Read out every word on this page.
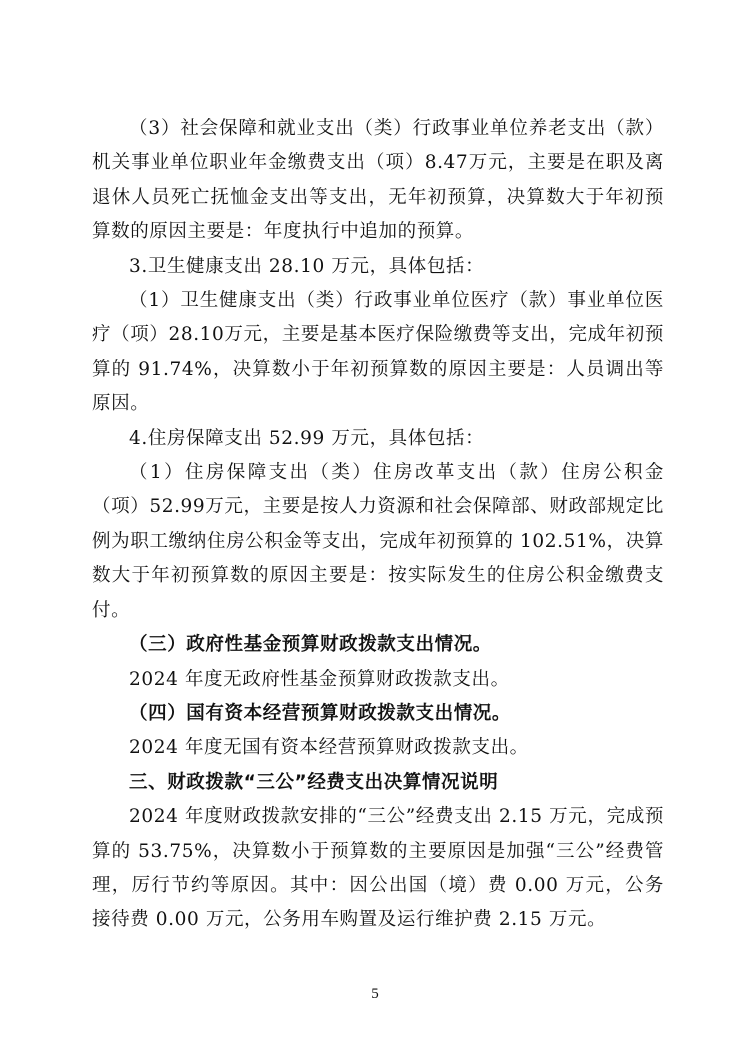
（3）社会保障和就业支出（类）行政事业单位养老支出（款）机关事业单位职业年金缴费支出（项）8.47万元，主要是在职及离退休人员死亡抚恤金支出等支出，无年初预算，决算数大于年初预算数的原因主要是：年度执行中追加的预算。

3.卫生健康支出 28.10 万元，具体包括：

（1）卫生健康支出（类）行政事业单位医疗（款）事业单位医疗（项）28.10万元，主要是基本医疗保险缴费等支出，完成年初预算的 91.74%，决算数小于年初预算数的原因主要是：人员调出等原因。

4.住房保障支出 52.99 万元，具体包括：

（1）住房保障支出（类）住房改革支出（款）住房公积金（项）52.99万元，主要是按人力资源和社会保障部、财政部规定比例为职工缴纳住房公积金等支出，完成年初预算的 102.51%，决算数大于年初预算数的原因主要是：按实际发生的住房公积金缴费支付。

（三）政府性基金预算财政拨款支出情况。

2024 年度无政府性基金预算财政拨款支出。

（四）国有资本经营预算财政拨款支出情况。

2024 年度无国有资本经营预算财政拨款支出。

三、财政拨款“三公”经费支出决算情况说明

2024 年度财政拨款安排的“三公”经费支出 2.15 万元，完成预算的 53.75%，决算数小于预算数的主要原因是加强“三公”经费管理，厉行节约等原因。其中：因公出国（境）费 0.00 万元，公务接待费 0.00 万元，公务用车购置及运行维护费 2.15 万元。

5
